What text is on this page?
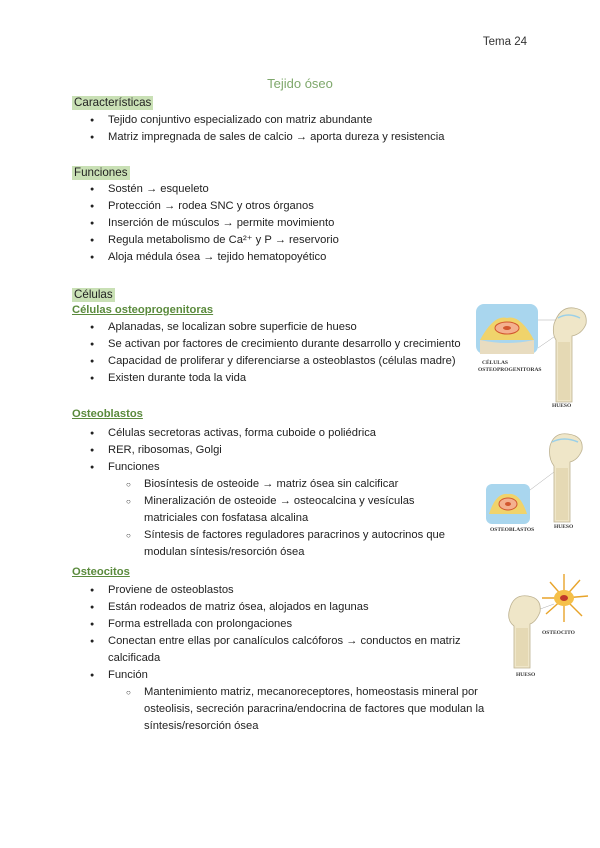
Tema 24
Tejido óseo
Características
● Tejido conjuntivo especializado con matriz abundante
● Matriz impregnada de sales de calcio → aporta dureza y resistencia
Funciones
● Sostén → esqueleto
● Protección → rodea SNC y otros órganos
● Inserción de músculos → permite movimiento
● Regula metabolismo de Ca²⁺ y P → reservorio
● Aloja médula ósea → tejido hematopoyético
Células
Células osteoprogenitoras
● Aplanadas, se localizan sobre superficie de hueso
● Se activan por factores de crecimiento durante desarrollo y crecimiento
● Capacidad de proliferar y diferenciarse a osteoblastos (células madre)
● Existen durante toda la vida
Osteoblastos
● Células secretoras activas, forma cuboide o poliédrica
● RER, ribosomas, Golgi
● Funciones
○ Biosíntesis de osteoide → matriz ósea sin calcificar
○ Mineralización de osteoide → osteocalcina y vesículas matriciales con fosfatasa alcalina
○ Síntesis de factores reguladores paracrinos y autocrinos que modulan síntesis/resorción ósea
Osteocitos
● Proviene de osteoblastos
● Están rodeados de matriz ósea, alojados en lagunas
● Forma estrellada con prolongaciones
● Conectan entre ellas por canalículos calcóforos → conductos en matriz calcificada
● Función
○ Mantenimiento matriz, mecanoreceptores, homeostasis mineral por osteolisis, secreción paracrina/endocrina de factores que modulan la síntesis/resorción ósea
CÉLULAS
OSTEOPROGENITORAS
HUESO
OSTEOBLASTOS	HUESO
OSTEOCITO
HUESO
